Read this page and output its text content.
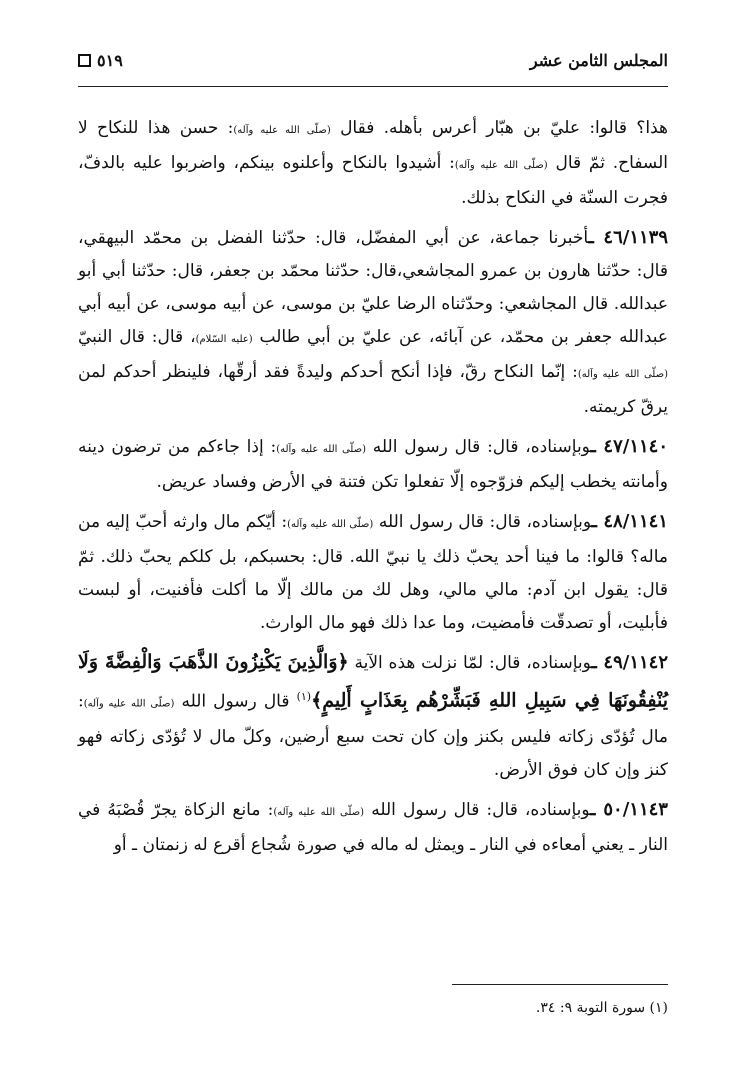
المجلس الثامن عشر
٥١٩

هذا؟ قالوا: عليّ بن هبّار أعرس بأهله. فقال (صلّى الله عليه وآله): حسن هذا للنكاح لا السفاح. ثمّ قال (صلّى الله عليه وآله): أشيدوا بالنكاح وأعلنوه بينكم، واضربوا عليه بالدفّ، فجرت السنّة في النكاح بذلك.

٤٦/١١٣٩ ـأخبرنا جماعة، عن أبي المفضّل، قال: حدّثنا الفضل بن محمّد البيهقي، قال: حدّثنا هارون بن عمرو المجاشعي،قال: حدّثنا محمّد بن جعفر، قال: حدّثنا أبي أبو عبدالله. قال المجاشعي: وحدّثناه الرضا عليّ بن موسى، عن أبيه موسى، عن أبيه أبي عبدالله جعفر بن محمّد، عن آبائه، عن عليّ بن أبي طالب (عليه السّلام)، قال: قال النبيّ (صلّى الله عليه وآله): إنّما النكاح رقّ، فإذا أنكح أحدكم وليدةً فقد أرقّها، فلينظر أحدكم لمن يرقّ كريمته.

٤٧/١١٤٠ ـوبإسناده، قال: قال رسول الله (صلّى الله عليه وآله): إذا جاءكم من ترضون دينه وأمانته يخطب إليكم فزوّجوه إلّا تفعلوا تكن فتنة في الأرض وفساد عريض.

٤٨/١١٤١ ـوبإسناده، قال: قال رسول الله (صلّى الله عليه وآله): أيّكم مال وارثه أحبّ إليه من ماله؟ قالوا: ما فينا أحد يحبّ ذلك يا نبيّ الله. قال: بحسبكم، بل كلكم يحبّ ذلك. ثمّ قال: يقول ابن آدم: مالي مالي، وهل لك من مالك إلّا ما أكلت فأفنيت، أو لبست فأبليت، أو تصدقّت فأمضيت، وما عدا ذلك فهو مال الوارث.

٤٩/١١٤٢ ـوبإسناده، قال: لمّا نزلت هذه الآية ﴿وَالَّذِينَ يَكْنِزُونَ الذَّهَبَ وَالْفِضَّةَ وَلَا يُنْفِقُونَهَا فِي سَبِيلِ اللهِ فَبَشِّرْهُم بِعَذَابٍ أَلِيمٍ﴾$^{(١)}$ قال رسول الله (صلّى الله عليه وآله): مال تُؤدّى زكاته فليس بكنز وإن كان تحت سبع أرضين، وكلّ مال لا تُؤدّى زكاته فهو كنز وإن كان فوق الأرض.

٥٠/١١٤٣ ـوبإسناده، قال: قال رسول الله (صلّى الله عليه وآله): مانع الزكاة يجرّ قُصْبَهُ في النار ـ يعني أمعاءه في النار ـ ويمثل له ماله في صورة شُجاع أقرع له زنمتان ـ أو

(١) سورة التوبة ٩: ٣٤.
